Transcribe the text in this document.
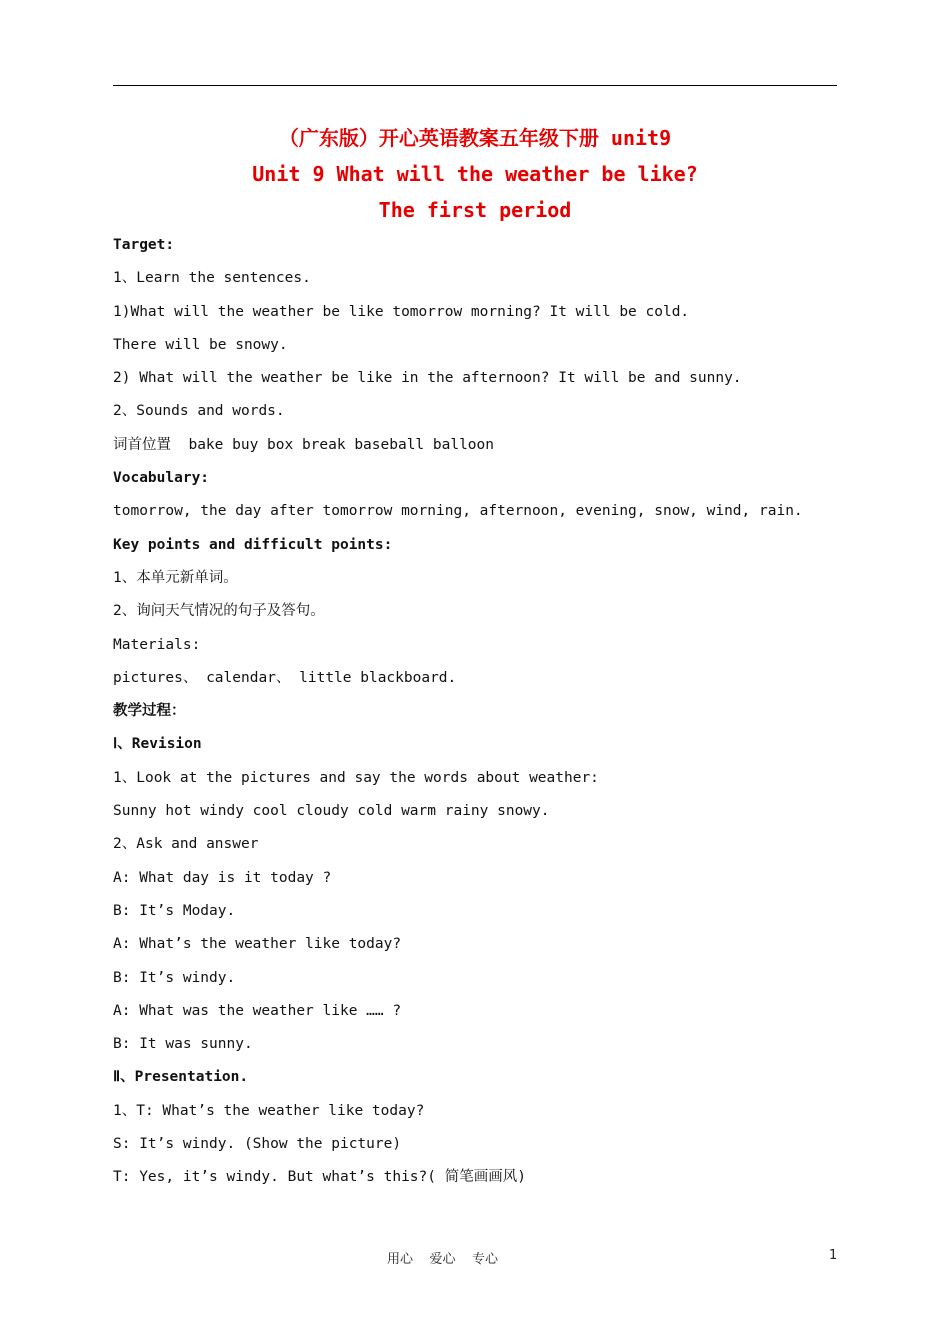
（广东版）开心英语教案五年级下册 unit9
Unit 9 What will the weather be like?
The first period
Target:
1、Learn the sentences.
1)What will the weather be like tomorrow morning? It will be cold.
There will be snowy.
2) What will the weather be like in the afternoon? It will be and sunny.
2、Sounds and words.
词首位置  bake buy box break baseball balloon
Vocabulary:
tomorrow, the day after tomorrow morning, afternoon, evening, snow, wind, rain.
Key points and difficult points:
1、本单元新单词。
2、询问天气情况的句子及答句。
Materials:
pictures、 calendar、 little blackboard.
教学过程：
Ⅰ、Revision
1、Look at the pictures and say the words about weather:
Sunny hot windy cool cloudy cold warm rainy snowy.
2、Ask and answer
A: What day is it today ?
B: It’s Moday.
A: What’s the weather like today?
B: It’s windy.
A: What was the weather like …… ?
B: It was sunny.
Ⅱ、Presentation.
1、T: What’s the weather like today?
S: It’s windy. (Show the picture)
T: Yes, it’s windy. But what’s this?( 简笔画画风)
用心    爱心    专心	1
